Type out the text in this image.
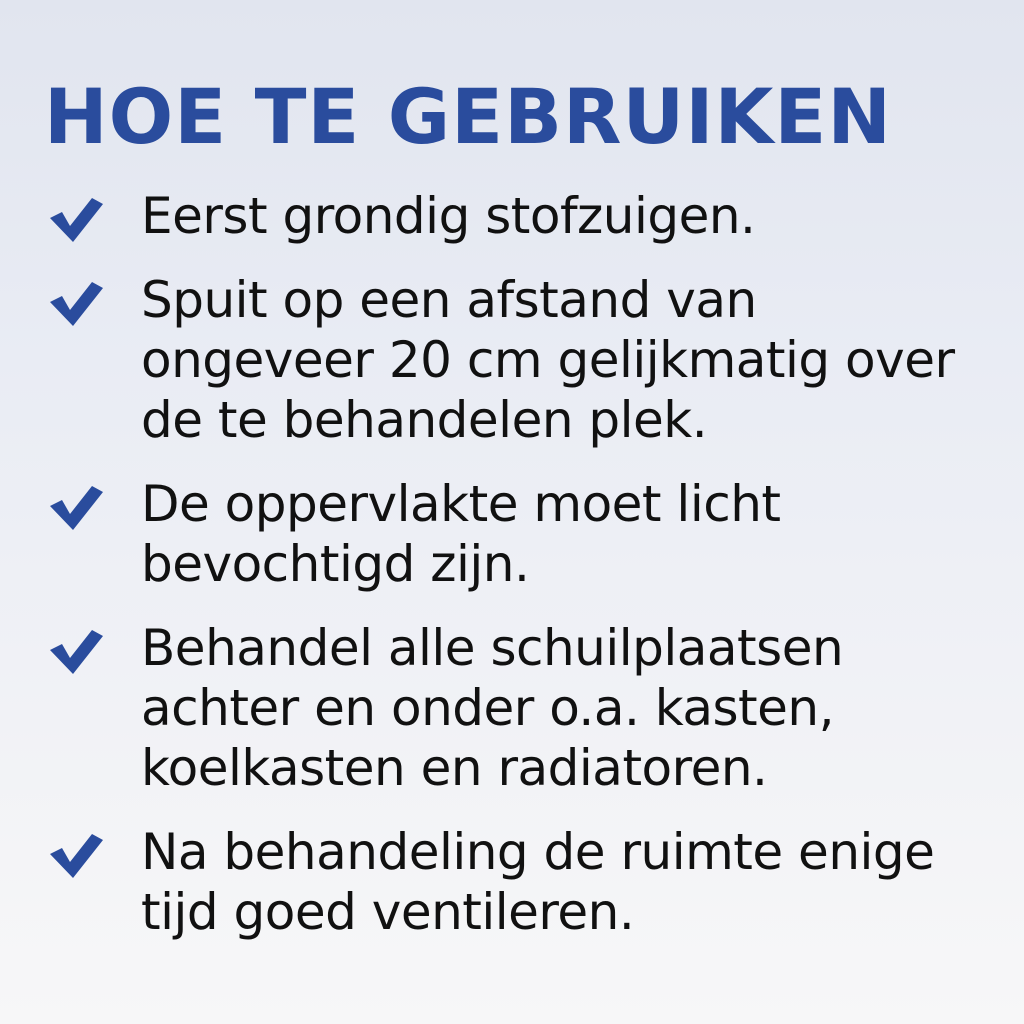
HOE TE GEBRUIKEN
Eerst grondig stofzuigen.
Spuit op een afstand van ongeveer 20 cm gelijkmatig over de te behandelen plek.
De oppervlakte moet licht bevochtigd zijn.
Behandel alle schuilplaatsen achter en onder o.a. kasten, koelkasten en radiatoren.
Na behandeling de ruimte enige tijd goed ventileren.
